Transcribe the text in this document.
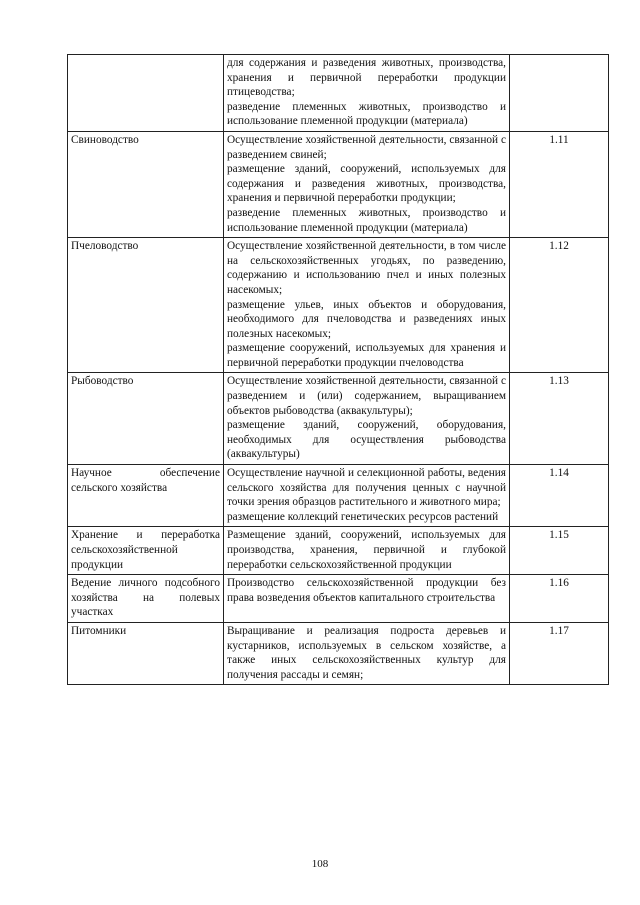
	для содержания и разведения животных, производства, хранения и первичной переработки продукции птицеводства;
разведение племенных животных, производство и использование племенной продукции (материала)	

Свиноводство	Осуществление хозяйственной деятельности, связанной с разведением свиней;
размещение зданий, сооружений, используемых для содержания и разведения животных, производства, хранения и первичной переработки продукции;
разведение племенных животных, производство и использование племенной продукции (материала)	1.11
Пчеловодство	Осуществление хозяйственной деятельности, в том числе на сельскохозяйственных угодьях, по разведению, содержанию и использованию пчел и иных полезных насекомых;
размещение ульев, иных объектов и оборудования, необходимого для пчеловодства и разведениях иных полезных насекомых;
размещение сооружений, используемых для хранения и первичной переработки продукции пчеловодства	1.12
Рыбоводство	Осуществление хозяйственной деятельности, связанной с разведением и (или) содержанием, выращиванием объектов рыбоводства (аквакультуры);
размещение зданий, сооружений, оборудования, необходимых для осуществления рыбоводства (аквакультуры)	1.13
Научное обеспечение сельского хозяйства	Осуществление научной и селекционной работы, ведения сельского хозяйства для получения ценных с научной точки зрения образцов растительного и животного мира;
размещение коллекций генетических ресурсов растений	1.14
Хранение и переработка сельскохозяйственной продукции	Размещение зданий, сооружений, используемых для производства, хранения, первичной и глубокой переработки сельскохозяйственной продукции	1.15
Ведение личного подсобного хозяйства на полевых участках	Производство сельскохозяйственной продукции без права возведения объектов капитального строительства	1.16
Питомники	Выращивание и реализация подроста деревьев и кустарников, используемых в сельском хозяйстве, а также иных сельскохозяйственных культур для получения рассады и семян;	1.17
108
